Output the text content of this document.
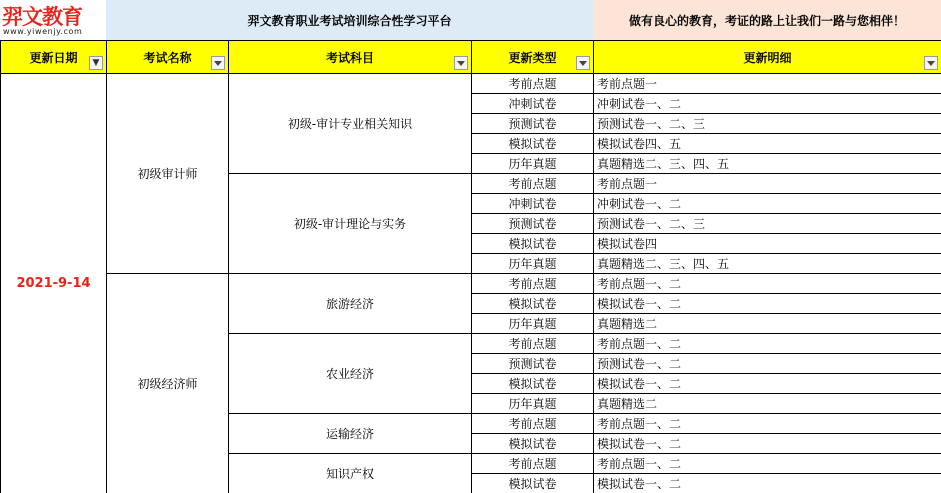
羿文教育
www.yiwenjy.com
羿文教育职业考试培训综合性学习平台	做有良心的教育，考证的路上让我们一路与您相伴！
更新日期 ▼	考试名称	考试科目	更新类型	更新明细

2021-9-14	初级审计师	初级-审计专业相关知识	考前点题	考前点题一
			冲刺试卷	冲刺试卷一、二
			预测试卷	预测试卷一、二、三
			模拟试卷	模拟试卷四、五
			历年真题	真题精选二、三、四、五
		初级-审计理论与实务	考前点题	考前点题一
			冲刺试卷	冲刺试卷一、二
			预测试卷	预测试卷一、二、三
			模拟试卷	模拟试卷四
			历年真题	真题精选二、三、四、五
	初级经济师	旅游经济	考前点题	考前点题一、二
			模拟试卷	模拟试卷一、二
			历年真题	真题精选二
		农业经济	考前点题	考前点题一、二
			预测试卷	预测试卷一、二
			模拟试卷	模拟试卷一、二
			历年真题	真题精选二
		运输经济	考前点题	考前点题一、二
			模拟试卷	模拟试卷一、二
		知识产权	考前点题	考前点题一、二
			模拟试卷	模拟试卷一、二
